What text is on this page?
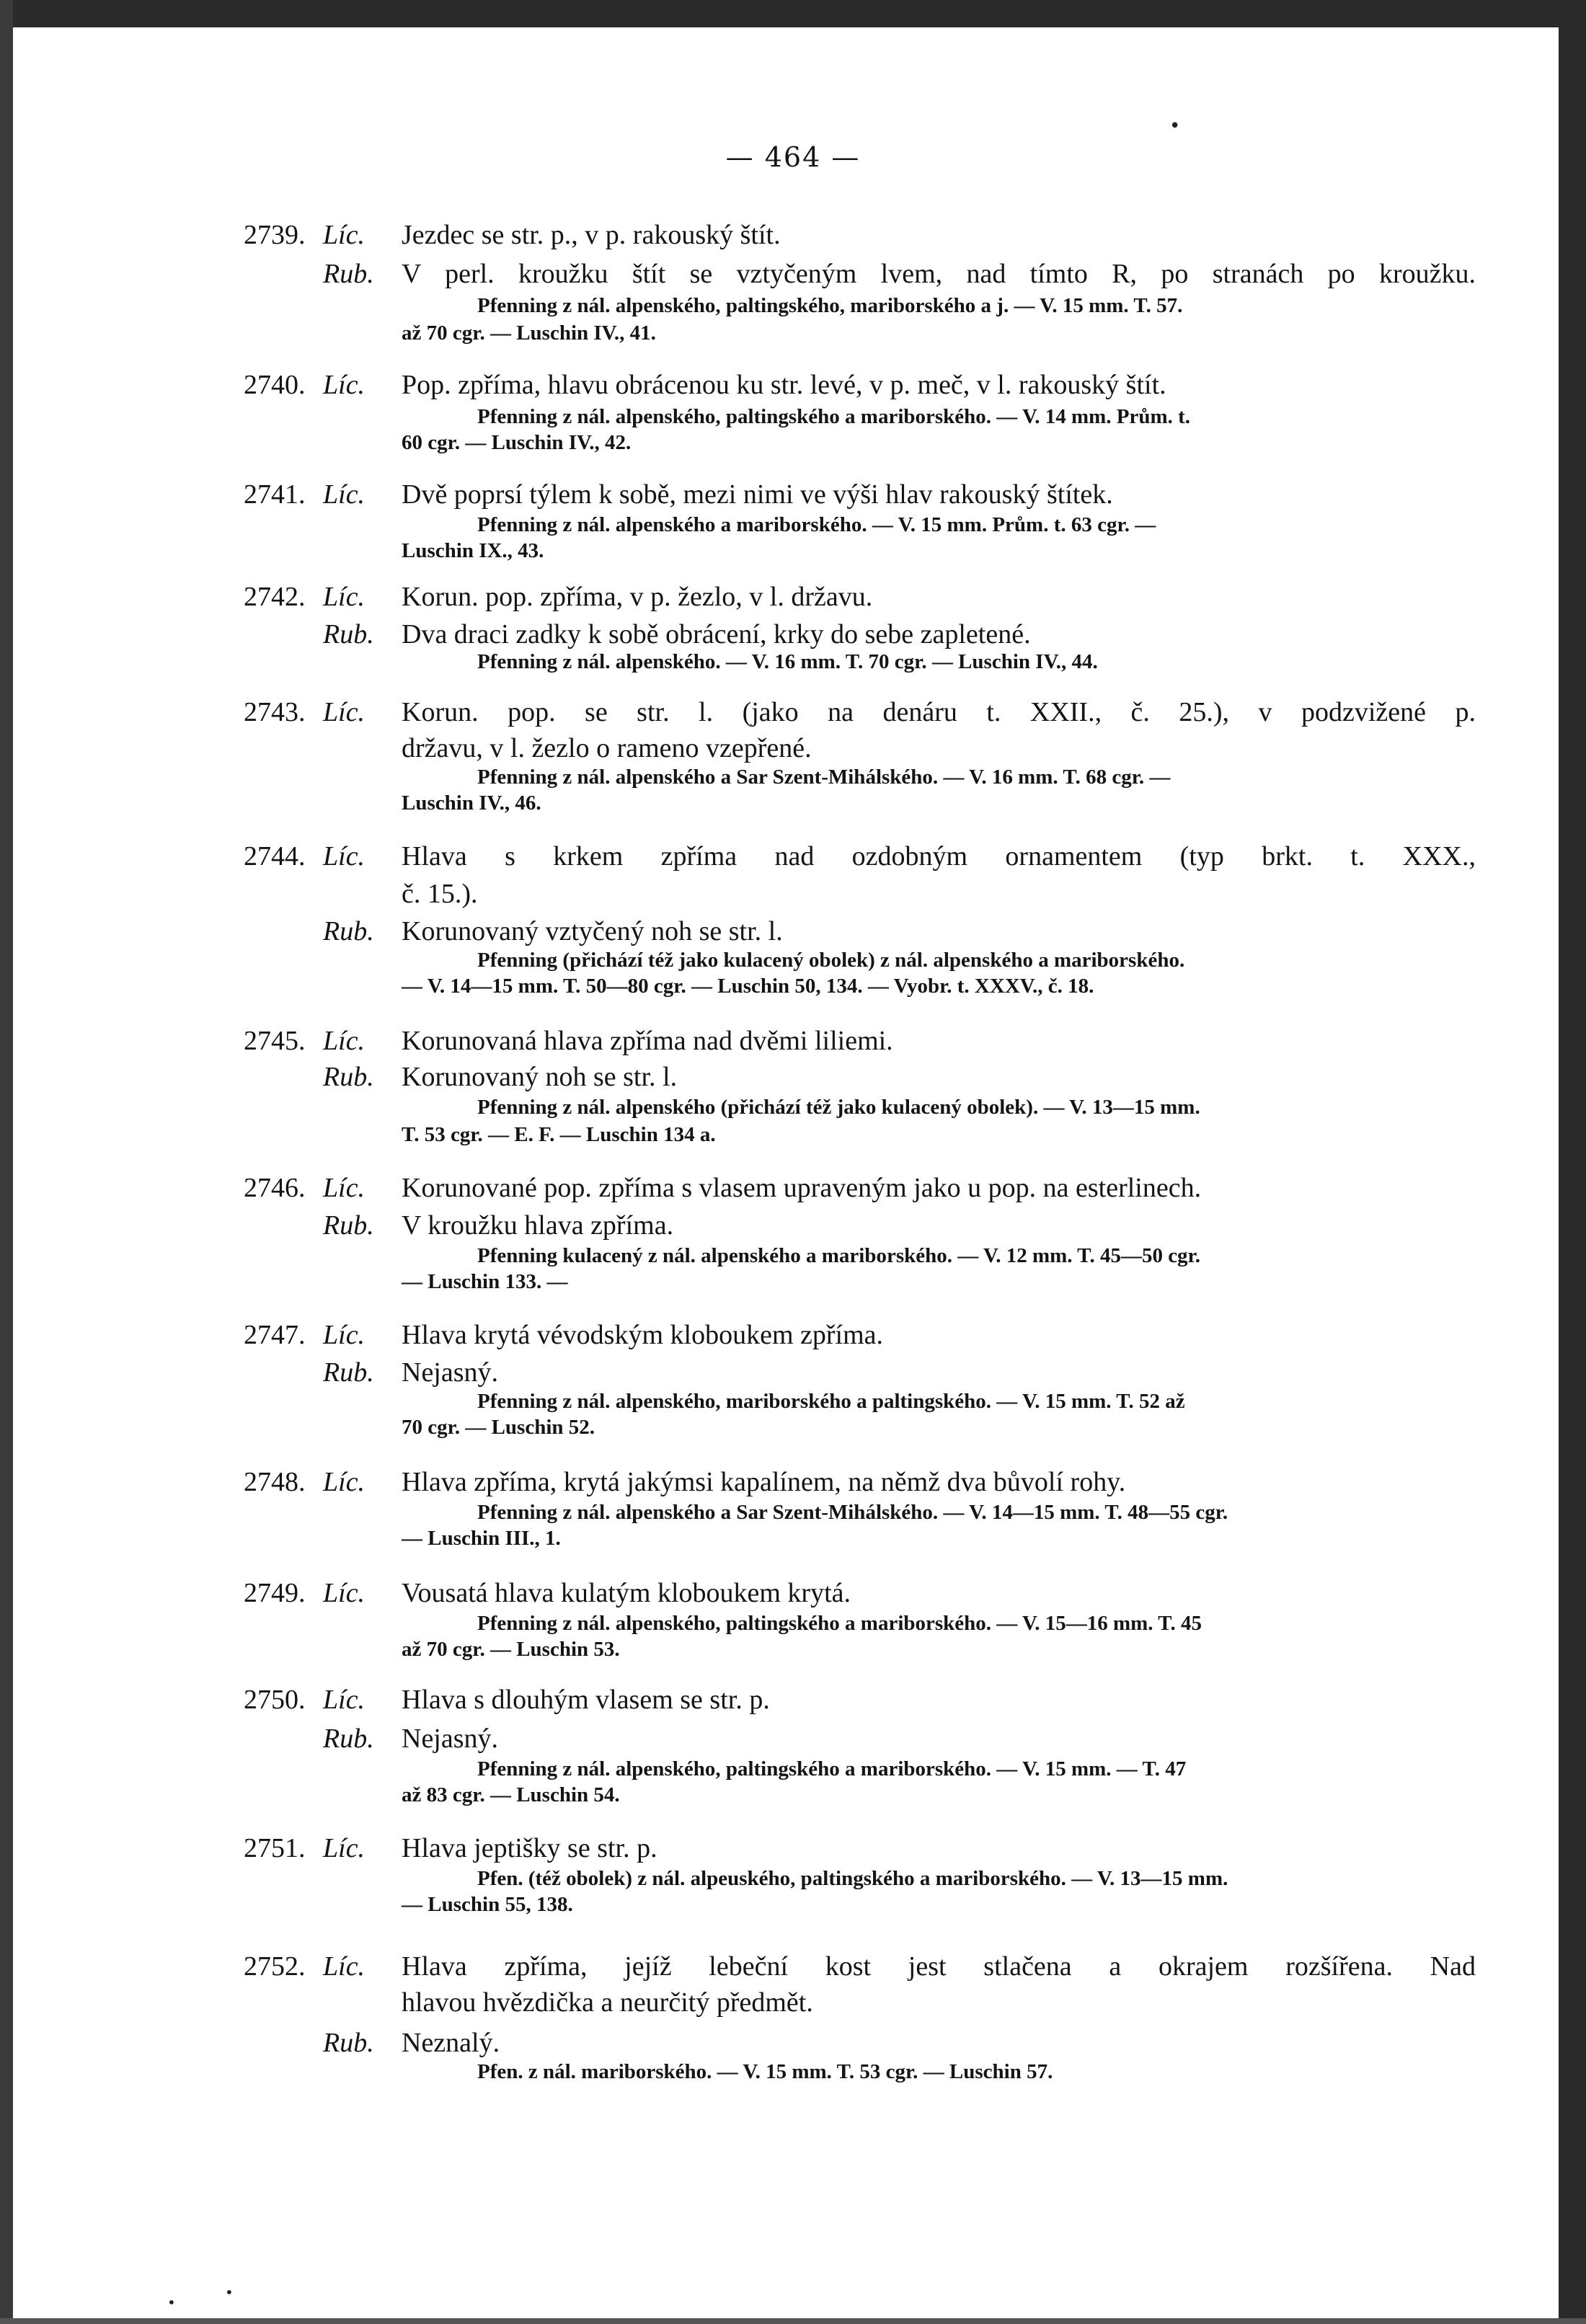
•
•
•
— 464 —
2739. Líc. Jezdec se str. p., v p. rakouský štít.
Rub. V perl. kroužku štít se vztyčeným lvem, nad tímto R, po stranách po kroužku.
Pfenning z nál. alpenského, paltingského, mariborského a j. — V. 15 mm. T. 57.
až 70 cgr. — Luschin IV., 41.
2740. Líc. Pop. zpříma, hlavu obrácenou ku str. levé, v p. meč, v l. rakouský štít.
Pfenning z nál. alpenského, paltingského a mariborského. — V. 14 mm. Prům. t.
60 cgr. — Luschin IV., 42.
2741. Líc. Dvě poprsí týlem k sobě, mezi nimi ve výši hlav rakouský štítek.
Pfenning z nál. alpenského a mariborského. — V. 15 mm. Prům. t. 63 cgr. —
Luschin IX., 43.
2742. Líc. Korun. pop. zpříma, v p. žezlo, v l. državu.
Rub. Dva draci zadky k sobě obrácení, krky do sebe zapletené.
Pfenning z nál. alpenského. — V. 16 mm. T. 70 cgr. — Luschin IV., 44.
2743. Líc. Korun. pop. se str. l. (jako na denáru t. XXII., č. 25.), v podzvižené p.
državu, v l. žezlo o rameno vzepřené.
Pfenning z nál. alpenského a Sar Szent-Mihálského. — V. 16 mm. T. 68 cgr. —
Luschin IV., 46.
2744. Líc. Hlava s krkem zpříma nad ozdobným ornamentem (typ brkt. t. XXX.,
č. 15.).
Rub. Korunovaný vztyčený noh se str. l.
Pfenning (přichází též jako kulacený obolek) z nál. alpenského a mariborského.
— V. 14—15 mm. T. 50—80 cgr. — Luschin 50, 134. — Vyobr. t. XXXV., č. 18.
2745. Líc. Korunovaná hlava zpříma nad dvěmi liliemi.
Rub. Korunovaný noh se str. l.
Pfenning z nál. alpenského (přichází též jako kulacený obolek). — V. 13—15 mm.
T. 53 cgr. — E. F. — Luschin 134 a.
2746. Líc. Korunované pop. zpříma s vlasem upraveným jako u pop. na esterlinech.
Rub. V kroužku hlava zpříma.
Pfenning kulacený z nál. alpenského a mariborského. — V. 12 mm. T. 45—50 cgr.
— Luschin 133. —
2747. Líc. Hlava krytá vévodským kloboukem zpříma.
Rub. Nejasný.
Pfenning z nál. alpenského, mariborského a paltingského. — V. 15 mm. T. 52 až
70 cgr. — Luschin 52.
2748. Líc. Hlava zpříma, krytá jakýmsi kapalínem, na němž dva bůvolí rohy.
Pfenning z nál. alpenského a Sar Szent-Mihálského. — V. 14—15 mm. T. 48—55 cgr.
— Luschin III., 1.
2749. Líc. Vousatá hlava kulatým kloboukem krytá.
Pfenning z nál. alpenského, paltingského a mariborského. — V. 15—16 mm. T. 45
až 70 cgr. — Luschin 53.
2750. Líc. Hlava s dlouhým vlasem se str. p.
Rub. Nejasný.
Pfenning z nál. alpenského, paltingského a mariborského. — V. 15 mm. — T. 47
až 83 cgr. — Luschin 54.
2751. Líc. Hlava jeptišky se str. p.
Pfen. (též obolek) z nál. alpeuského, paltingského a mariborského. — V. 13—15 mm.
— Luschin 55, 138.
2752. Líc. Hlava zpříma, jejíž lebeční kost jest stlačena a okrajem rozšířena. Nad
hlavou hvězdička a neurčitý předmět.
Rub. Neznalý.
Pfen. z nál. mariborského. — V. 15 mm. T. 53 cgr. — Luschin 57.
